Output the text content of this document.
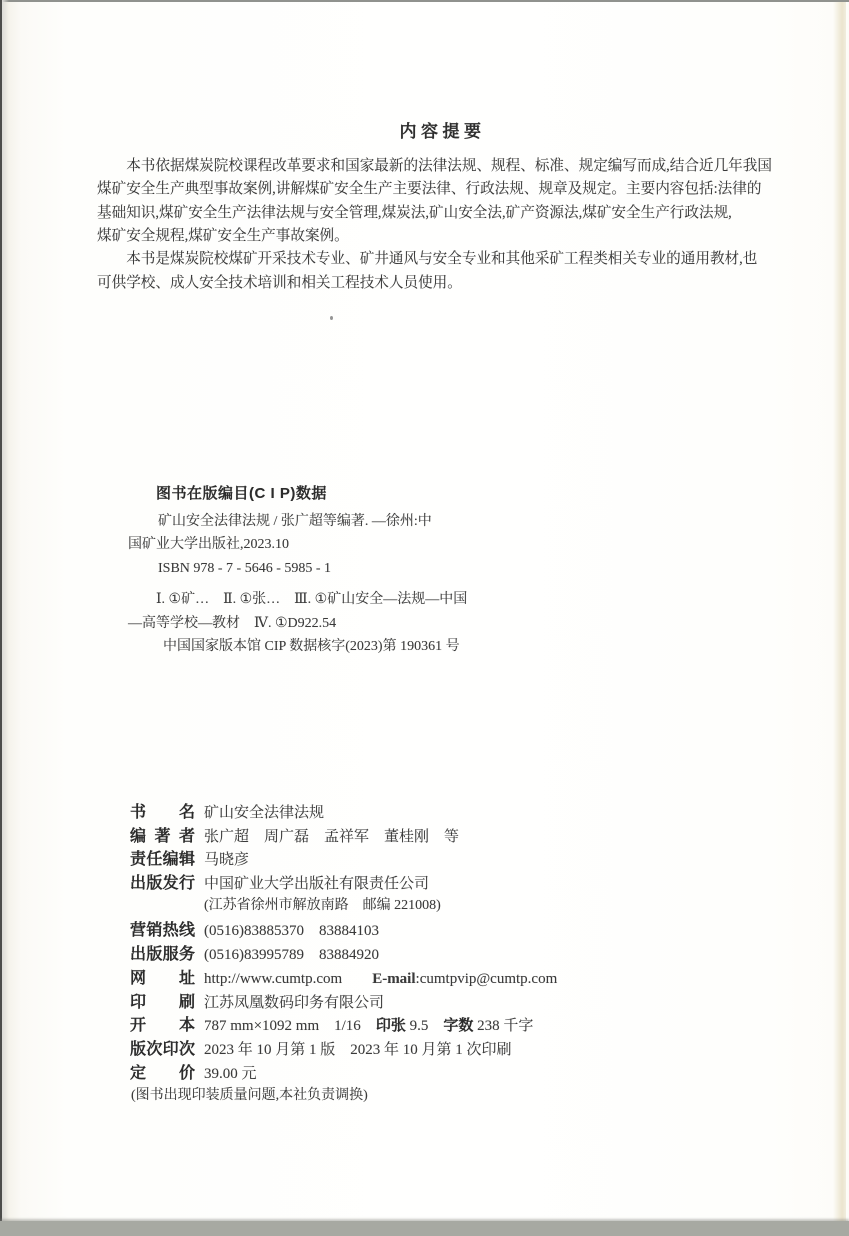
内容提要
　　本书依据煤炭院校课程改革要求和国家最新的法律法规、规程、标准、规定编写而成,结合近几年我国
煤矿安全生产典型事故案例,讲解煤矿安全生产主要法律、行政法规、规章及规定。主要内容包括:法律的
基础知识,煤矿安全生产法律法规与安全管理,煤炭法,矿山安全法,矿产资源法,煤矿安全生产行政法规,
煤矿安全规程,煤矿安全生产事故案例。
　　本书是煤炭院校煤矿开采技术专业、矿井通风与安全专业和其他采矿工程类相关专业的通用教材,也
可供学校、成人安全技术培训和相关工程技术人员使用。
图书在版编目(C I P)数据
矿山安全法律法规 / 张广超等编著. —徐州:中
国矿业大学出版社,2023.10
ISBN 978 - 7 - 5646 - 5985 - 1
Ⅰ. ①矿…　Ⅱ. ①张…　Ⅲ. ①矿山安全—法规—中国
—高等学校—教材　Ⅳ. ①D922.54
中国国家版本馆 CIP 数据核字(2023)第 190361 号
书名 矿山安全法律法规
编著者 张广超　周广磊　孟祥军　董桂刚　等
责任编辑 马晓彦
出版发行 中国矿业大学出版社有限责任公司
(江苏省徐州市解放南路　邮编 221008)
营销热线 (0516)83885370　83884103
出版服务 (0516)83995789　83884920
网址 http://www.cumtp.com　　E-mail:cumtpvip@cumtp.com
印刷 江苏凤凰数码印务有限公司
开本 787 mm×1092 mm　1/16　印张 9.5　字数 238 千字
版次印次 2023 年 10 月第 1 版　2023 年 10 月第 1 次印刷
定价 39.00 元
(图书出现印装质量问题,本社负责调换)
